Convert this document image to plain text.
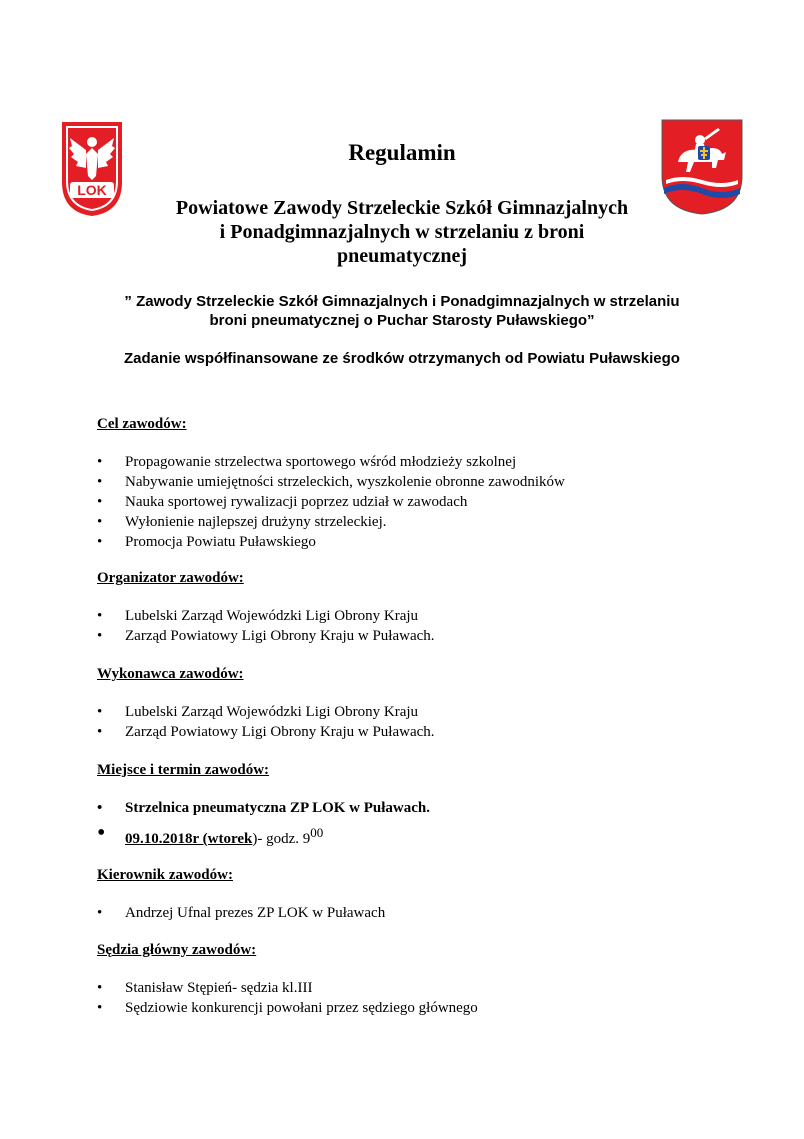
LOK
Regulamin
Powiatowe Zawody Strzeleckie Szkół Gimnazjalnych
i Ponadgimnazjalnych w strzelaniu z broni
pneumatycznej
” Zawody Strzeleckie Szkół Gimnazjalnych i Ponadgimnazjalnych w strzelaniu
broni pneumatycznej o Puchar Starosty Puławskiego”

Zadanie współfinansowane ze środków otrzymanych od Powiatu Puławskiego

Cel zawodów:

• Propagowanie strzelectwa sportowego wśród młodzieży szkolnej
• Nabywanie umiejętności strzeleckich, wyszkolenie obronne zawodników
• Nauka sportowej rywalizacji poprzez udział w zawodach
• Wyłonienie najlepszej drużyny strzeleckiej.
• Promocja Powiatu Puławskiego

Organizator zawodów:

• Lubelski Zarząd Wojewódzki Ligi Obrony Kraju
• Zarząd Powiatowy Ligi Obrony Kraju w Puławach.

Wykonawca zawodów:

• Lubelski Zarząd Wojewódzki Ligi Obrony Kraju
• Zarząd Powiatowy Ligi Obrony Kraju w Puławach.

Miejsce i termin zawodów:

• Strzelnica pneumatyczna ZP LOK w Puławach.
• 09.10.2018r (wtorek)- godz. $9^{00}$

Kierownik zawodów:

• Andrzej Ufnal prezes ZP LOK w Puławach

Sędzia główny zawodów:

• Stanisław Stępień- sędzia kl.III
• Sędziowie konkurencji powołani przez sędziego głównego
